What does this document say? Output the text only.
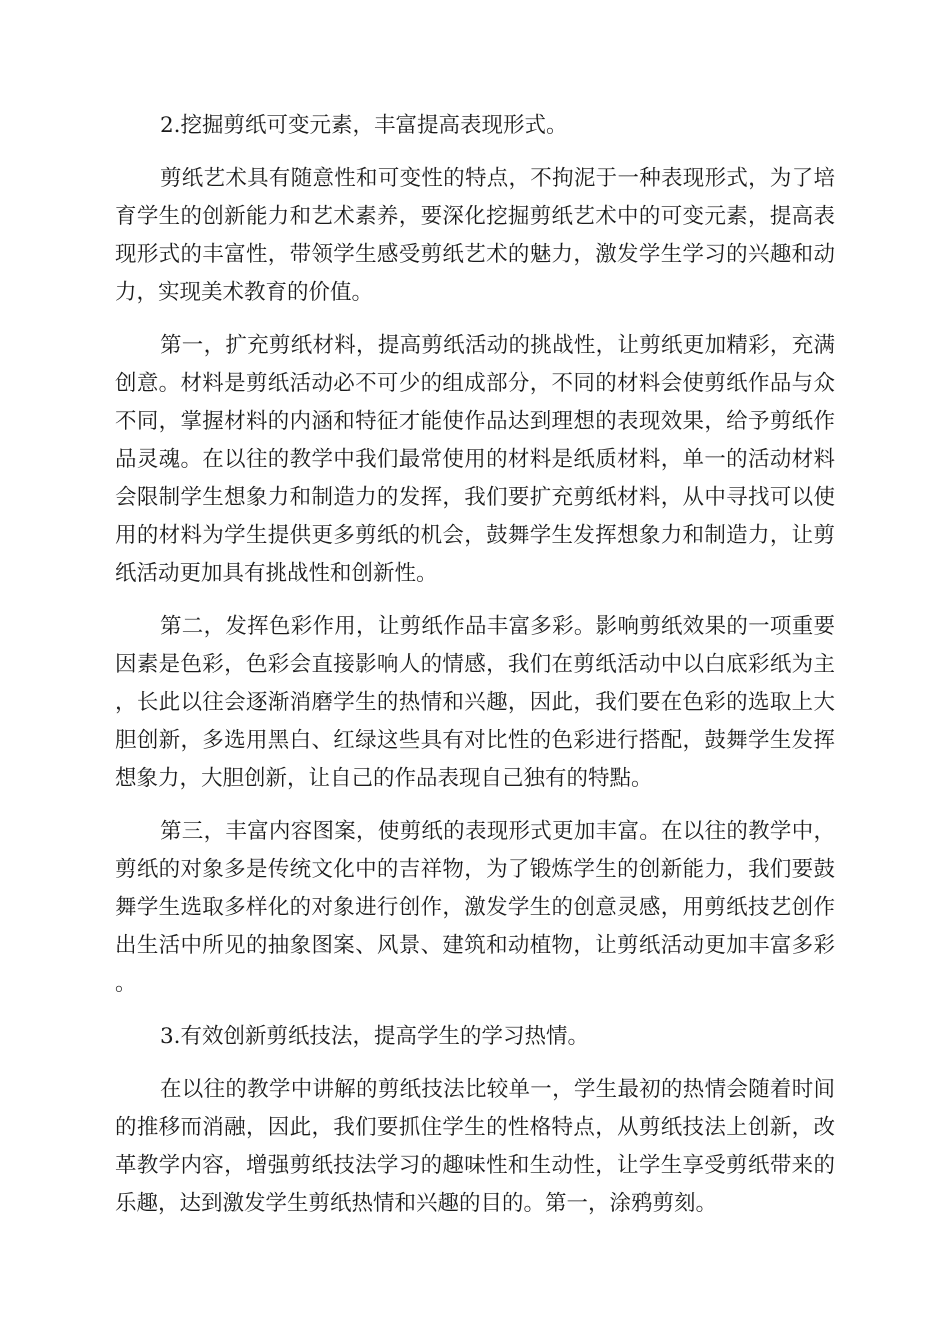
2.挖掘剪纸可变元素，丰富提高表现形式。

剪纸艺术具有随意性和可变性的特点，不拘泥于一种表现形式，为了培育学生的创新能力和艺术素养，要深化挖掘剪纸艺术中的可变元素，提高表现形式的丰富性，带领学生感受剪纸艺术的魅力，激发学生学习的兴趣和动力，实现美术教育的价值。

第一，扩充剪纸材料，提高剪纸活动的挑战性，让剪纸更加精彩，充满创意。材料是剪纸活动必不可少的组成部分，不同的材料会使剪纸作品与众不同，掌握材料的内涵和特征才能使作品达到理想的表现效果，给予剪纸作品灵魂。在以往的教学中我们最常使用的材料是纸质材料，单一的活动材料会限制学生想象力和制造力的发挥，我们要扩充剪纸材料，从中寻找可以使用的材料为学生提供更多剪纸的机会，鼓舞学生发挥想象力和制造力，让剪纸活动更加具有挑战性和创新性。

第二，发挥色彩作用，让剪纸作品丰富多彩。影响剪纸效果的一项重要因素是色彩，色彩会直接影响人的情感，我们在剪纸活动中以白底彩纸为主，长此以往会逐渐消磨学生的热情和兴趣，因此，我们要在色彩的选取上大胆创新，多选用黑白、红绿这些具有对比性的色彩进行搭配，鼓舞学生发挥想象力，大胆创新，让自己的作品表现自己独有的特點。

第三，丰富内容图案，使剪纸的表现形式更加丰富。在以往的教学中，剪纸的对象多是传统文化中的吉祥物，为了锻炼学生的创新能力，我们要鼓舞学生选取多样化的对象进行创作，激发学生的创意灵感，用剪纸技艺创作出生活中所见的抽象图案、风景、建筑和动植物，让剪纸活动更加丰富多彩。

3.有效创新剪纸技法，提高学生的学习热情。

在以往的教学中讲解的剪纸技法比较单一，学生最初的热情会随着时间的推移而消融，因此，我们要抓住学生的性格特点，从剪纸技法上创新，改革教学内容，增强剪纸技法学习的趣味性和生动性，让学生享受剪纸带来的乐趣，达到激发学生剪纸热情和兴趣的目的。第一，涂鸦剪刻。
